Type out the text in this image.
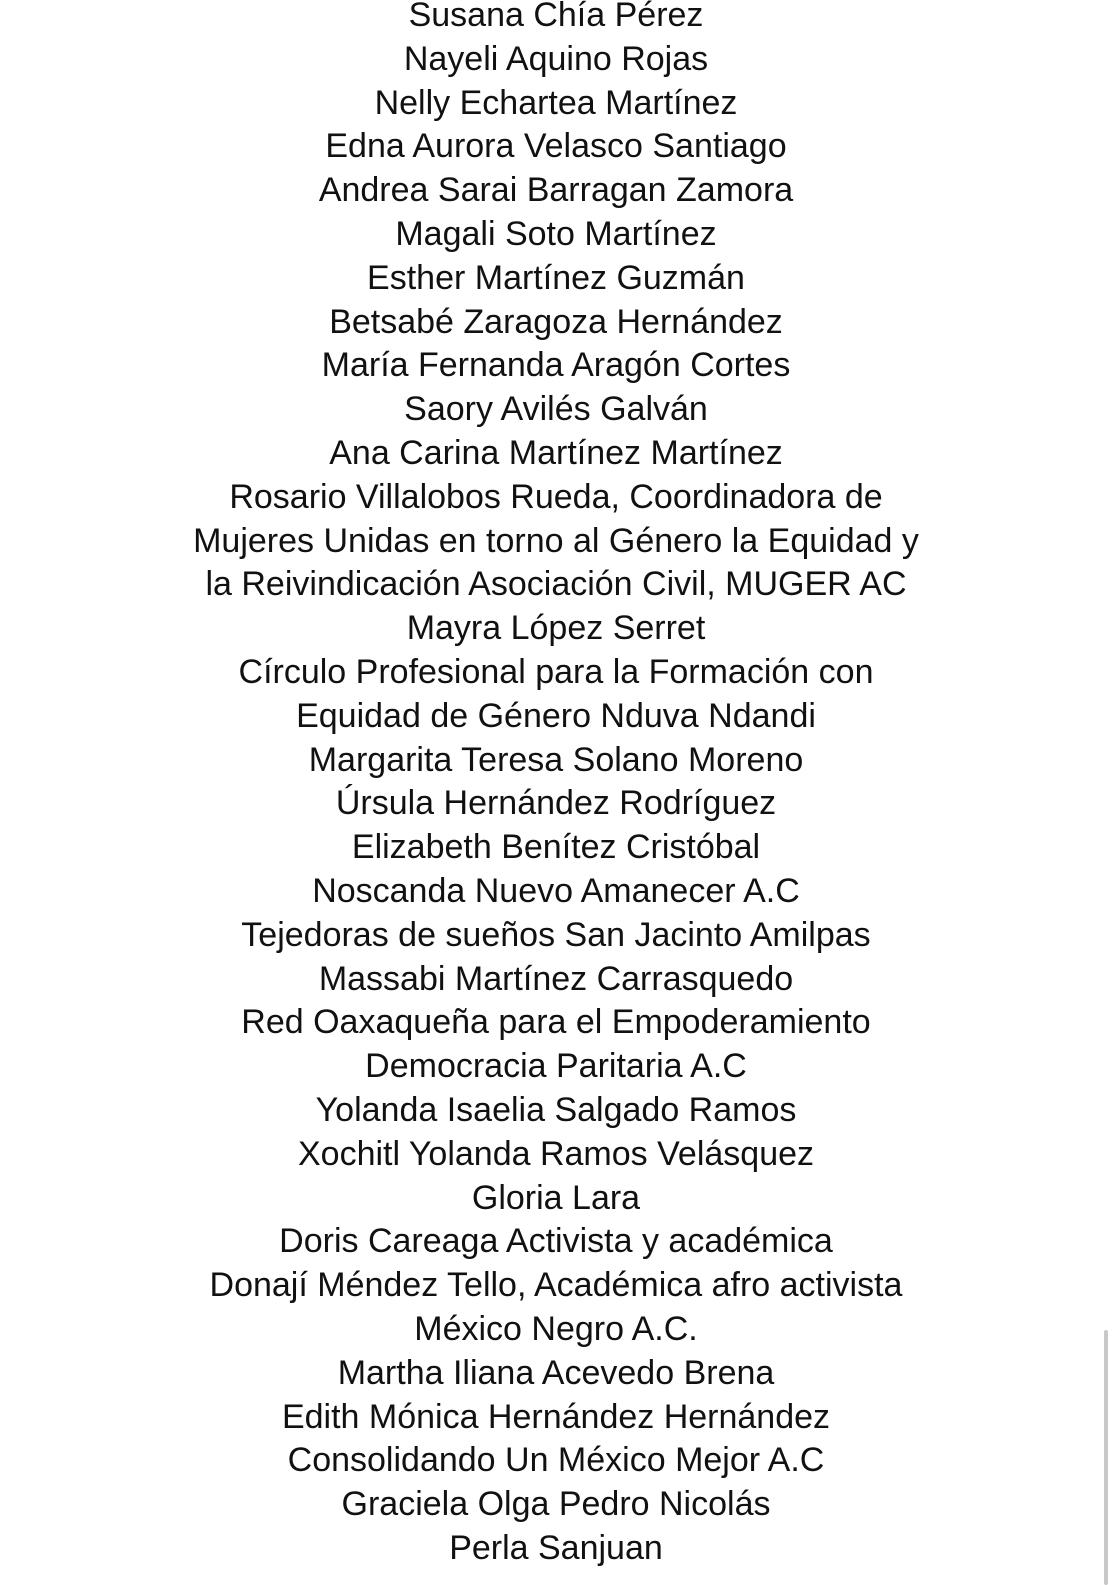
Susana Chía Pérez
Nayeli Aquino Rojas
Nelly Echartea Martínez
Edna Aurora Velasco Santiago
Andrea Sarai Barragan Zamora
Magali Soto Martínez
Esther Martínez Guzmán
Betsabé Zaragoza Hernández
María Fernanda Aragón Cortes
Saory Avilés Galván
Ana Carina Martínez Martínez
Rosario Villalobos Rueda, Coordinadora de
Mujeres Unidas en torno al Género la Equidad y
la Reivindicación Asociación Civil, MUGER AC
Mayra López Serret
Círculo Profesional para la Formación con
Equidad de Género Nduva Ndandi
Margarita Teresa Solano Moreno
Úrsula Hernández Rodríguez
Elizabeth Benítez Cristóbal
Noscanda Nuevo Amanecer A.C
Tejedoras de sueños San Jacinto Amilpas
Massabi Martínez Carrasquedo
Red Oaxaqueña para el Empoderamiento
Democracia Paritaria A.C
Yolanda Isaelia Salgado Ramos
Xochitl Yolanda Ramos Velásquez
Gloria Lara
Doris Careaga Activista y académica
Donají Méndez Tello, Académica afro activista
México Negro A.C.
Martha Iliana Acevedo Brena
Edith Mónica Hernández Hernández
Consolidando Un México Mejor A.C
Graciela Olga Pedro Nicolás
Perla Sanjuan
